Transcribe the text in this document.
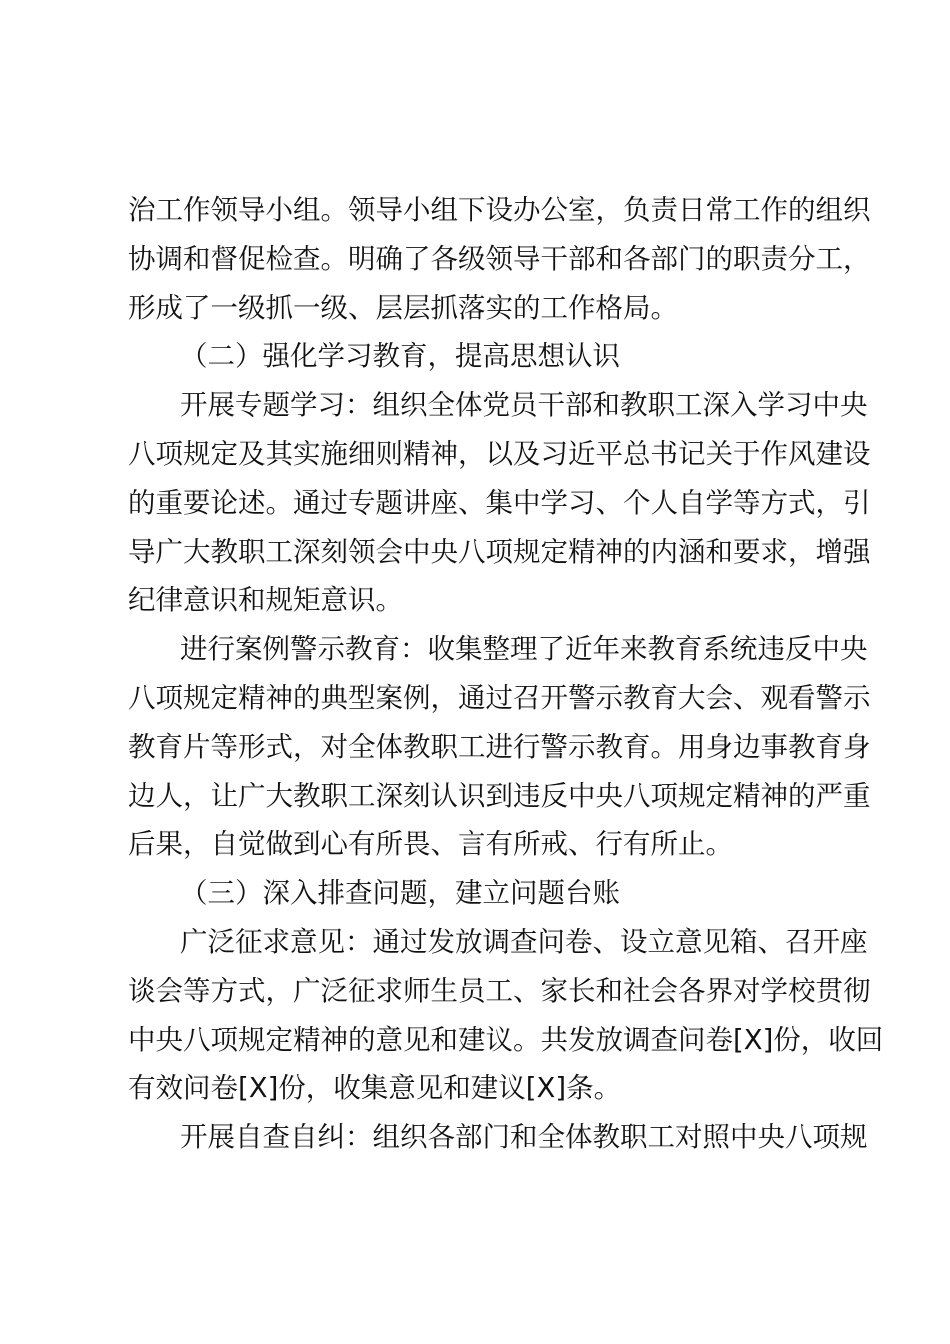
治工作领导小组。领导小组下设办公室，负责日常工作的组织
协调和督促检查。明确了各级领导干部和各部门的职责分工，
形成了一级抓一级、层层抓落实的工作格局。
（二）强化学习教育，提高思想认识
开展专题学习：组织全体党员干部和教职工深入学习中央
八项规定及其实施细则精神，以及习近平总书记关于作风建设
的重要论述。通过专题讲座、集中学习、个人自学等方式，引
导广大教职工深刻领会中央八项规定精神的内涵和要求，增强
纪律意识和规矩意识。
进行案例警示教育：收集整理了近年来教育系统违反中央
八项规定精神的典型案例，通过召开警示教育大会、观看警示
教育片等形式，对全体教职工进行警示教育。用身边事教育身
边人，让广大教职工深刻认识到违反中央八项规定精神的严重
后果，自觉做到心有所畏、言有所戒、行有所止。
（三）深入排查问题，建立问题台账
广泛征求意见：通过发放调查问卷、设立意见箱、召开座
谈会等方式，广泛征求师生员工、家长和社会各界对学校贯彻
中央八项规定精神的意见和建议。共发放调查问卷[X]份，收回
有效问卷[X]份，收集意见和建议[X]条。
开展自查自纠：组织各部门和全体教职工对照中央八项规
